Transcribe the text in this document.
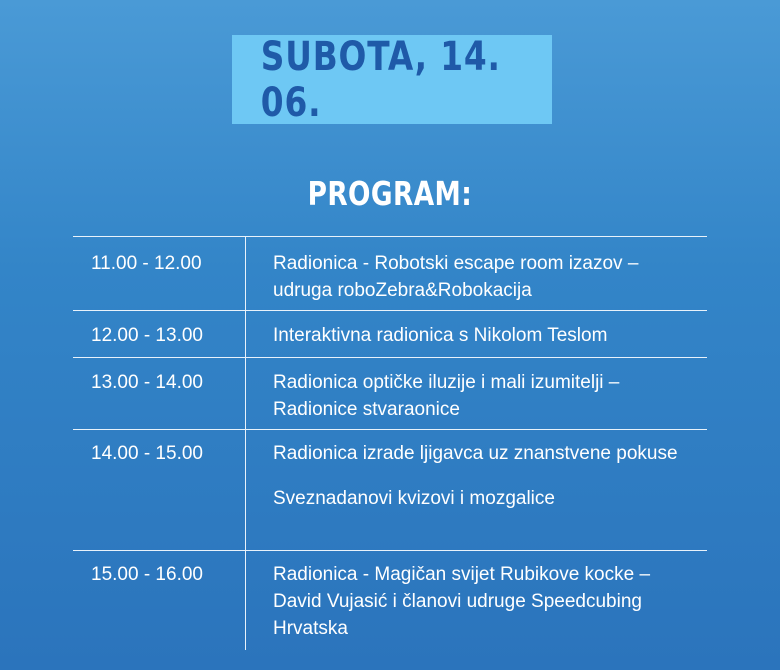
SUBOTA, 14. 06.
PROGRAM:
11.00 - 12.00	Radionica - Robotski escape room izazov – udruga roboZebra&Robokacija

12.00 - 13.00	Interaktivna radionica s Nikolom Teslom

13.00 - 14.00	Radionica optičke iluzije i mali izumitelji – Radionice stvaraonice

14.00 - 15.00	Radionica izrade ljigavca uz znanstvene pokuse

Sveznadanovi kvizovi i mozgalice

15.00 - 16.00	Radionica - Magičan svijet Rubikove kocke – David Vujasić i članovi udruge Speedcubing Hrvatska
